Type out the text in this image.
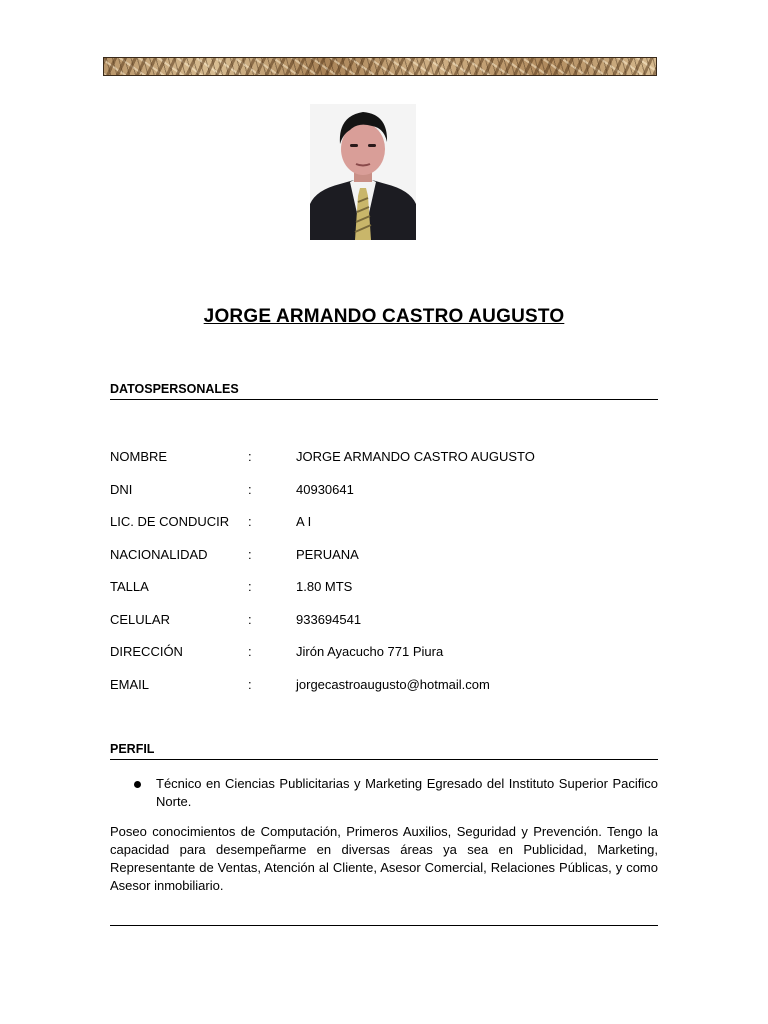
JORGE ARMANDO CASTRO AUGUSTO
DATOSPERSONALES
NOMBRE	:	JORGE ARMANDO CASTRO AUGUSTO
DNI	:	40930641
LIC. DE CONDUCIR	:	A I
NACIONALIDAD	:	PERUANA
TALLA	:	1.80 MTS
CELULAR	:	933694541
DIRECCIÓN	:	Jirón Ayacucho 771 Piura
EMAIL	:	jorgecastroaugusto@hotmail.com
PERFIL
Técnico en Ciencias Publicitarias y Marketing Egresado del Instituto Superior Pacifico Norte.

Poseo conocimientos de Computación, Primeros Auxilios, Seguridad y Prevención. Tengo la capacidad para desempeñarme en diversas áreas ya sea en Publicidad, Marketing, Representante de Ventas, Atención al Cliente, Asesor Comercial, Relaciones Públicas, y como Asesor inmobiliario.
